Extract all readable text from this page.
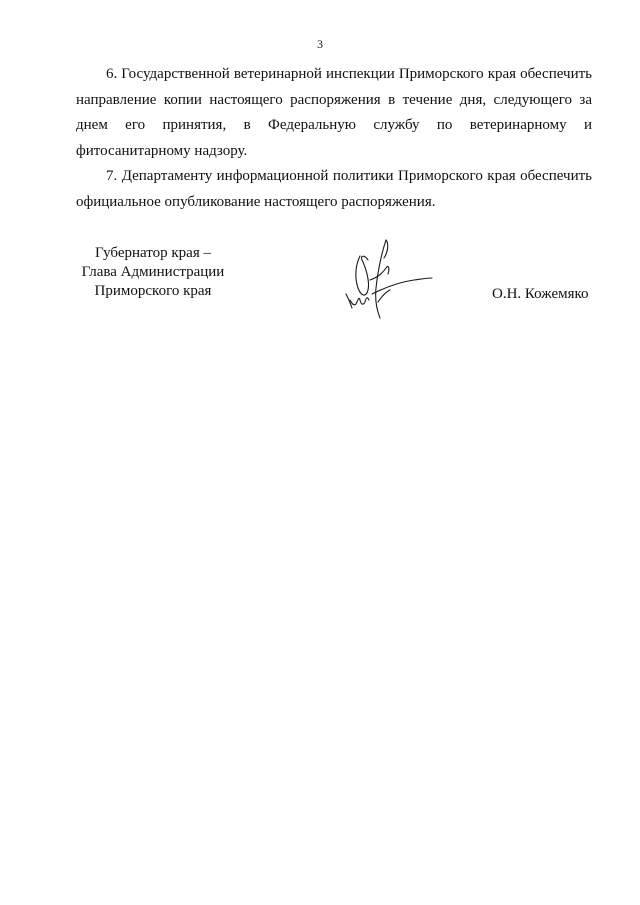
3

6. Государственной ветеринарной инспекции Приморского края обеспечить направление копии настоящего распоряжения в течение дня, следующего за днем его принятия, в Федеральную службу по ветеринарному и фитосанитарному надзору.

7. Департаменту информационной политики Приморского края обеспечить официальное опубликование настоящего распоряжения.

Губернатор края –
Глава Администрации
Приморского края	О.Н. Кожемяко
